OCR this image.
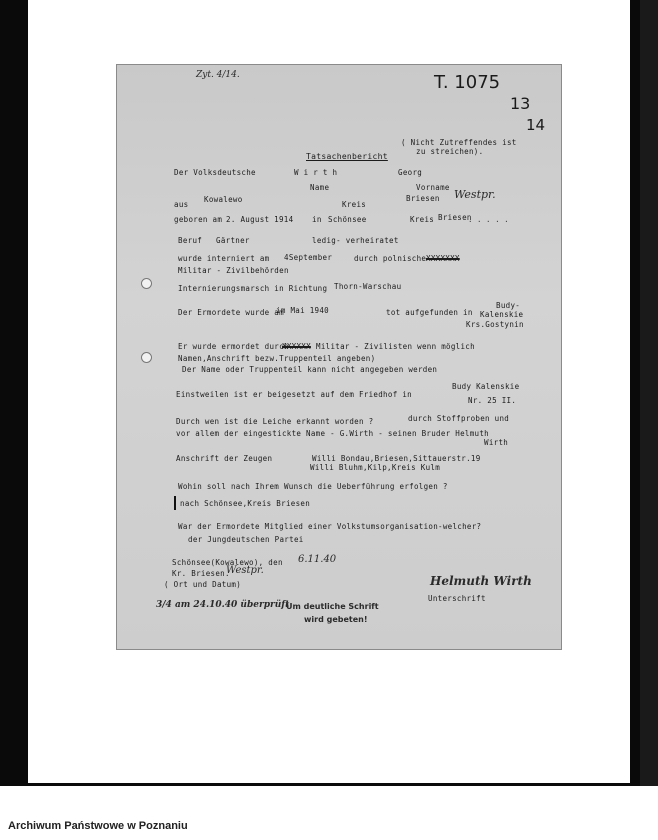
Zyt. 4/14.	T. 1075
13
14
( Nicht Zutreffendes ist
zu streichen).
Tatsachenbericht
Der Volksdeutsche	W i r t h	Georg
Name	Vorname
aus
Kowalewo
Kreis
Briesen Westpr.
geboren am 2. August 1914 in Schönsee	Kreis Briesen
. . . . .
Beruf Gärtner	ledig- verheiratet
wurde interniert am 4September	durch polnische XXXXXXX
Militar - Zivilbehörden
Internierungsmarsch in Richtung Thorn-Warschau
Der Ermordete wurde am
im Mai 1940	tot aufgefunden in
Budy-
Kalenskie
Krs.Gostynin
Er wurde ermordet durch
XXXXXX Militar - Zivilisten wenn möglich
Namen,Anschrift bezw.Truppenteil angeben)
Der Name oder Truppenteil kann nicht angegeben werden
Einstweilen ist er beigesetzt auf dem Friedhof in
Budy Kalenskie
Nr. 25 II.
Durch wen ist die Leiche erkannt worden ?	durch Stoffproben und
vor allem der eingestickte Name - G.Wirth - seinen Bruder Helmuth
Wirth
Anschrift der Zeugen	Willi Bondau,Briesen,Sittauerstr.19
Willi Bluhm,Kilp,Kreis Kulm
Wohin soll nach Ihrem Wunsch die Ueberführung erfolgen ?
nach Schönsee,Kreis Briesen
War der Ermordete Mitglied einer Volkstumsorganisation-welcher?
der Jungdeutschen Partei
Schönsee(Kowalewo), den 6.11.40
Kr. Briesen.
Westpr.
( Ort und Datum)	Helmuth Wirth
Unterschrift
3/4 am 24.10.40 überprüft
Um deutliche Schrift
wird gebeten!
Archiwum Państwowe w Poznaniu
